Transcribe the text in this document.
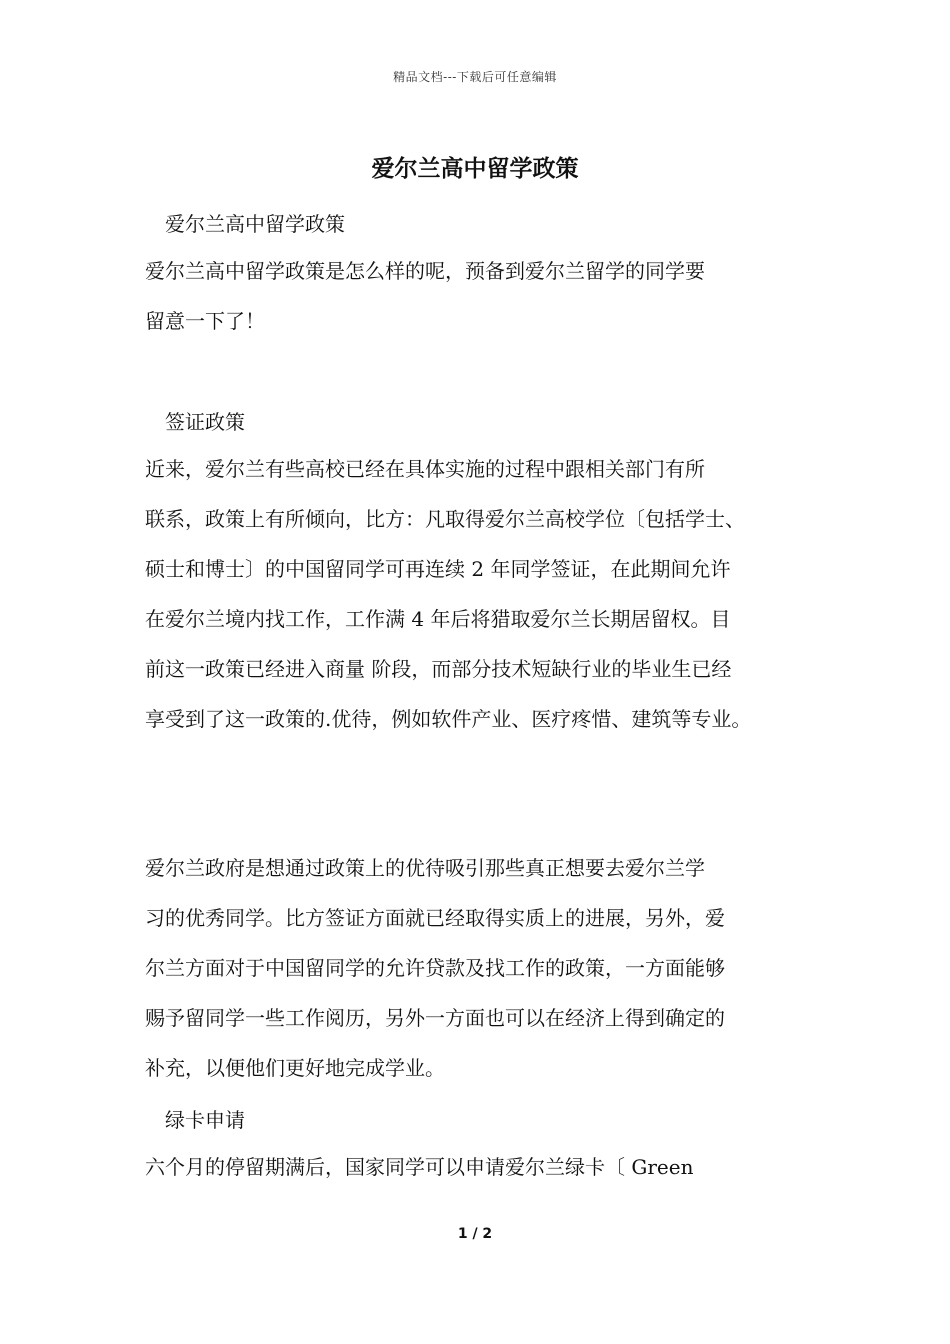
精品文档---下载后可任意编辑
爱尔兰高中留学政策
爱尔兰高中留学政策
爱尔兰高中留学政策是怎么样的呢，预备到爱尔兰留学的同学要
留意一下了！
签证政策
近来，爱尔兰有些高校已经在具体实施的过程中跟相关部门有所
联系，政策上有所倾向，比方：凡取得爱尔兰高校学位〔包括学士、
硕士和博士〕的中国留同学可再连续 2 年同学签证，在此期间允许
在爱尔兰境内找工作，工作满 4 年后将猎取爱尔兰长期居留权。目
前这一政策已经进入商量 阶段，而部分技术短缺行业的毕业生已经
享受到了这一政策的.优待，例如软件产业、医疗疼惜、建筑等专业。
爱尔兰政府是想通过政策上的优待吸引那些真正想要去爱尔兰学
习的优秀同学。比方签证方面就已经取得实质上的进展，另外，爱
尔兰方面对于中国留同学的允许贷款及找工作的政策，一方面能够
赐予留同学一些工作阅历，另外一方面也可以在经济上得到确定的
补充，以便他们更好地完成学业。
绿卡申请
六个月的停留期满后，国家同学可以申请爱尔兰绿卡〔 Green
1 / 2
